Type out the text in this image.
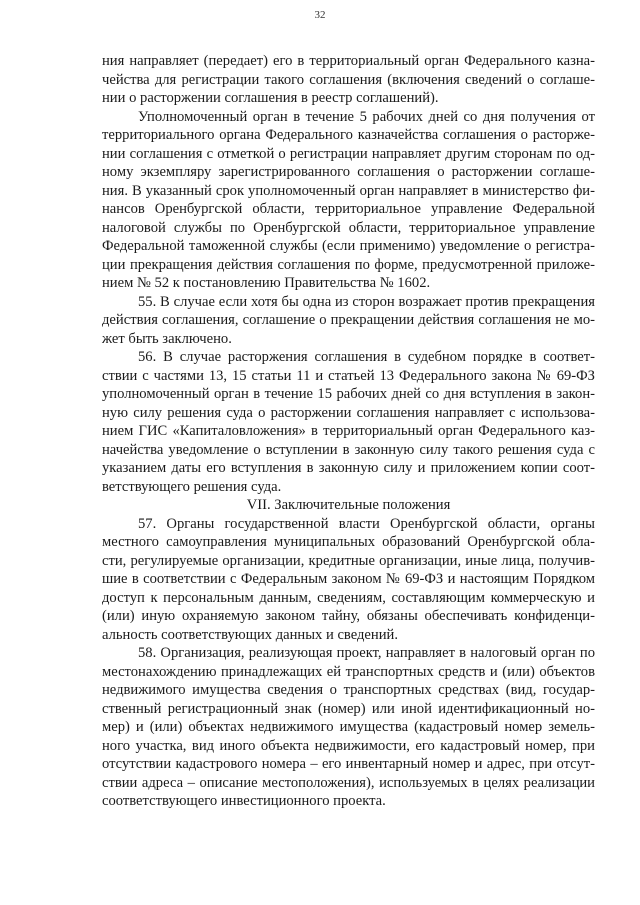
32

ния направляет (передает) его в территориальный орган Федерального казначейства для регистрации такого соглашения (включения сведений о соглашении о расторжении соглашения в реестр соглашений).

Уполномоченный орган в течение 5 рабочих дней со дня получения от территориального органа Федерального казначейства соглашения о расторжении соглашения с отметкой о регистрации направляет другим сторонам по одному экземпляру зарегистрированного соглашения о расторжении соглашения. В указанный срок уполномоченный орган направляет в министерство финансов Оренбургской области, территориальное управление Федеральной налоговой службы по Оренбургской области, территориальное управление Федеральной таможенной службы (если применимо) уведомление о регистрации прекращения действия соглашения по форме, предусмотренной приложением № 52 к постановлению Правительства № 1602.

55. В случае если хотя бы одна из сторон возражает против прекращения действия соглашения, соглашение о прекращении действия соглашения не может быть заключено.

56. В случае расторжения соглашения в судебном порядке в соответствии с частями 13, 15 статьи 11 и статьей 13 Федерального закона № 69-ФЗ уполномоченный орган в течение 15 рабочих дней со дня вступления в законную силу решения суда о расторжении соглашения направляет с использованием ГИС «Капиталовложения» в территориальный орган Федерального казначейства уведомление о вступлении в законную силу такого решения суда с указанием даты его вступления в законную силу и приложением копии соответствующего решения суда.

VII. Заключительные положения

57. Органы государственной власти Оренбургской области, органы местного самоуправления муниципальных образований Оренбургской области, регулируемые организации, кредитные организации, иные лица, получившие в соответствии с Федеральным законом № 69-ФЗ и настоящим Порядком доступ к персональным данным, сведениям, составляющим коммерческую и (или) иную охраняемую законом тайну, обязаны обеспечивать конфиденциальность соответствующих данных и сведений.

58. Организация, реализующая проект, направляет в налоговый орган по местонахождению принадлежащих ей транспортных средств и (или) объектов недвижимого имущества сведения о транспортных средствах (вид, государственный регистрационный знак (номер) или иной идентификационный номер) и (или) объектах недвижимого имущества (кадастровый номер земельного участка, вид иного объекта недвижимости, его кадастровый номер, при отсутствии кадастрового номера – его инвентарный номер и адрес, при отсутствии адреса – описание местоположения), используемых в целях реализации соответствующего инвестиционного проекта.
